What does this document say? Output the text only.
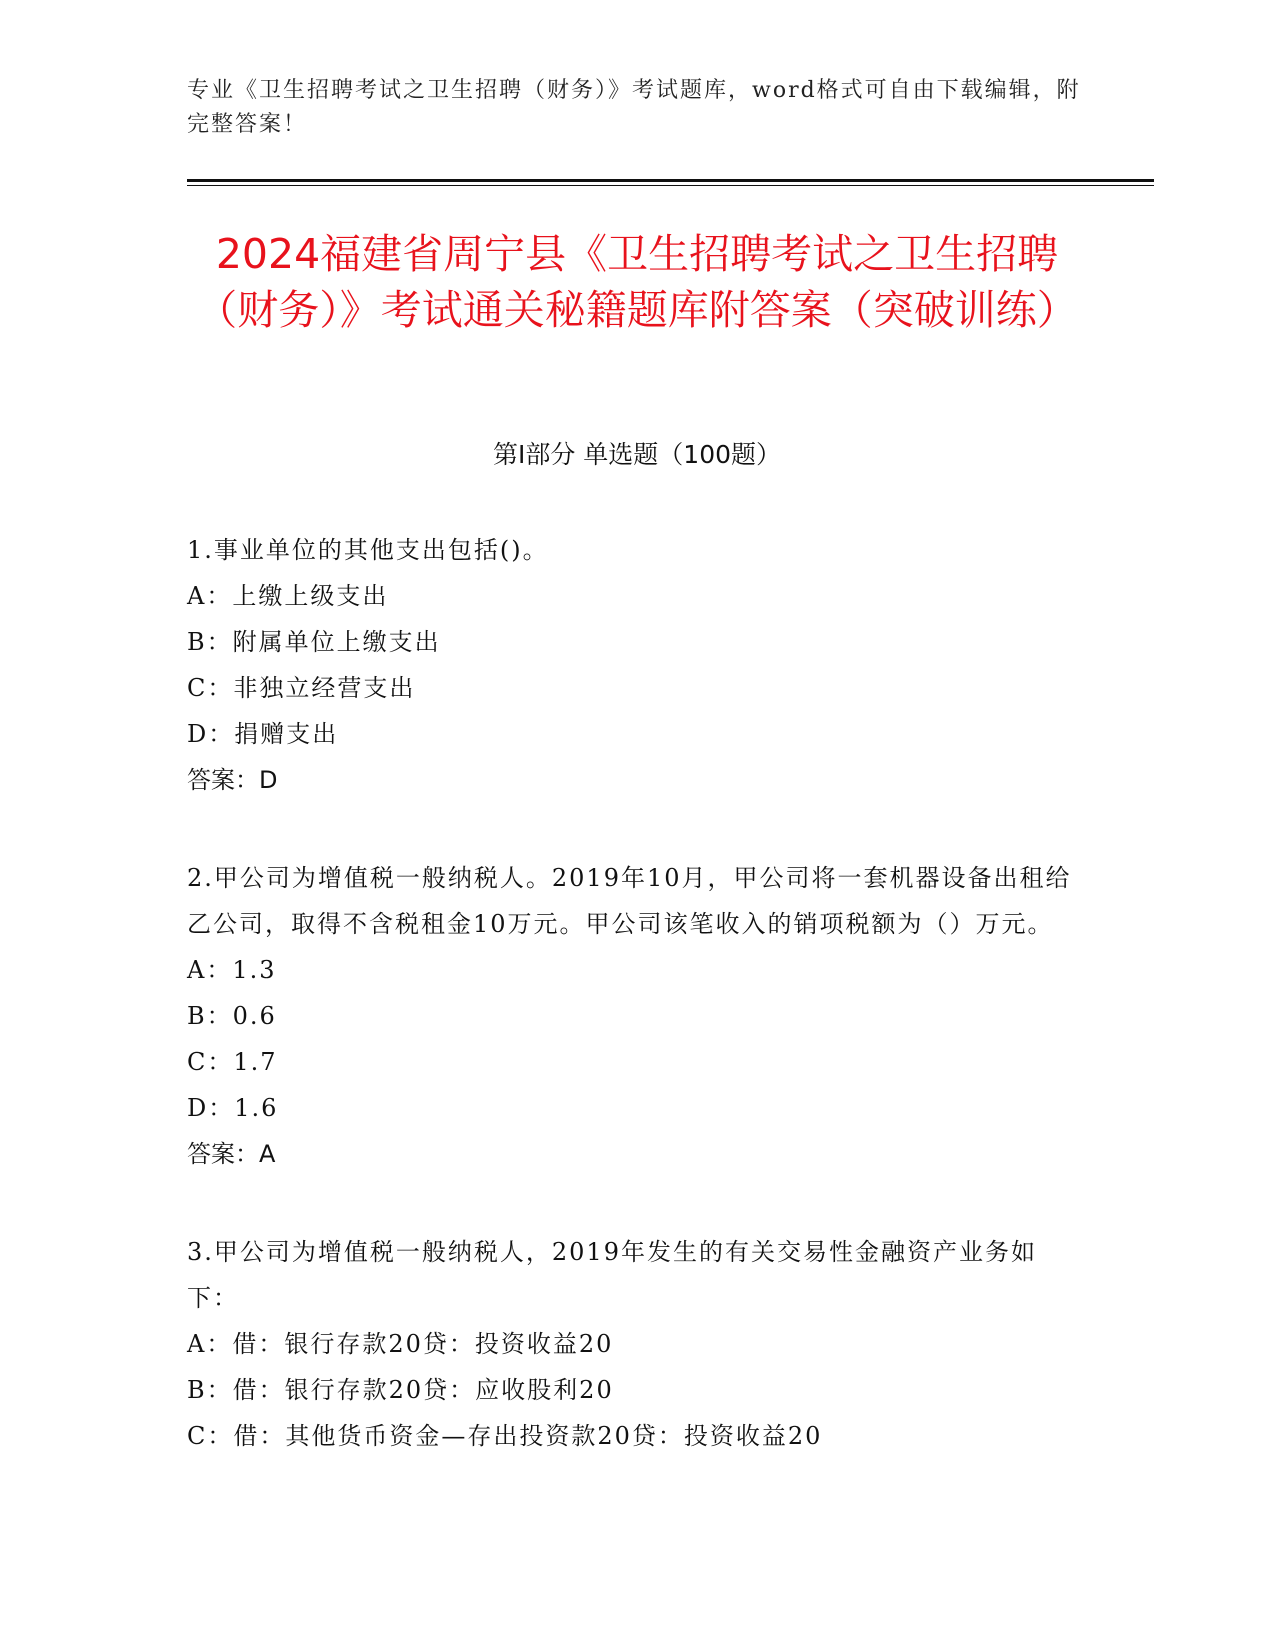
专业《卫生招聘考试之卫生招聘（财务）》考试题库，word格式可自由下载编辑，附完整答案！
2024福建省周宁县《卫生招聘考试之卫生招聘（财务）》考试通关秘籍题库附答案（突破训练）
第I部分 单选题（100题）
1.事业单位的其他支出包括()。
A：上缴上级支出
B：附属单位上缴支出
C：非独立经营支出
D：捐赠支出
答案：D
2.甲公司为增值税一般纳税人。2019年10月，甲公司将一套机器设备出租给乙公司，取得不含税租金10万元。甲公司该笔收入的销项税额为（）万元。
A：1.3
B：0.6
C：1.7
D：1.6
答案：A
3.甲公司为增值税一般纳税人，2019年发生的有关交易性金融资产业务如下：
A：借：银行存款20贷：投资收益20
B：借：银行存款20贷：应收股利20
C：借：其他货币资金—存出投资款20贷：投资收益20
